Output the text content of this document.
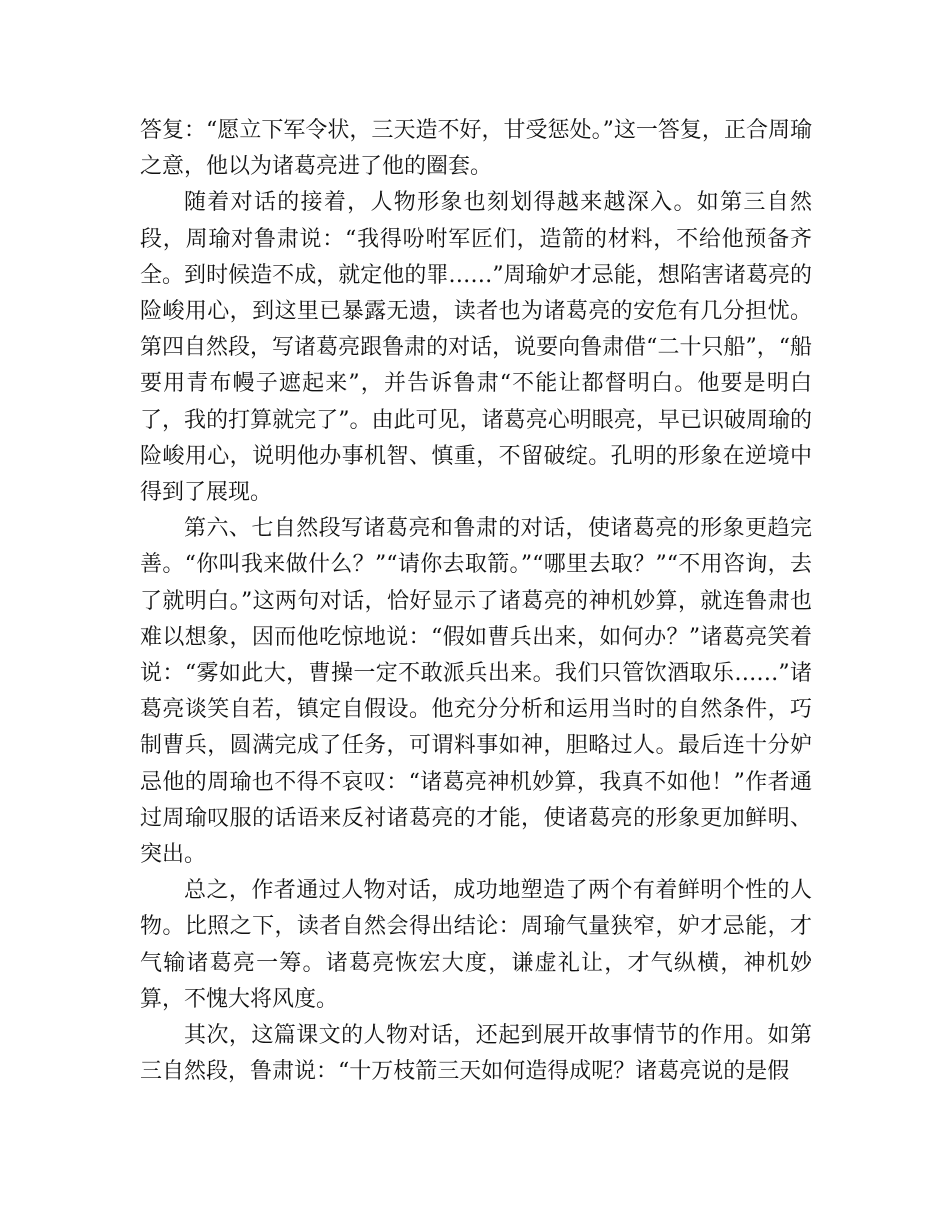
答复：“愿立下军令状，三天造不好，甘受惩处。”这一答复，正合周瑜之意，他以为诸葛亮进了他的圈套。

随着对话的接着，人物形象也刻划得越来越深入。如第三自然段，周瑜对鲁肃说：“我得吩咐军匠们，造箭的材料，不给他预备齐全。到时候造不成，就定他的罪……”周瑜妒才忌能，想陷害诸葛亮的险峻用心，到这里已暴露无遗，读者也为诸葛亮的安危有几分担忧。第四自然段，写诸葛亮跟鲁肃的对话，说要向鲁肃借“二十只船”，“船要用青布幔子遮起来”，并告诉鲁肃“不能让都督明白。他要是明白了，我的打算就完了”。由此可见，诸葛亮心明眼亮，早已识破周瑜的险峻用心，说明他办事机智、慎重，不留破绽。孔明的形象在逆境中得到了展现。

第六、七自然段写诸葛亮和鲁肃的对话，使诸葛亮的形象更趋完善。“你叫我来做什么？”“请你去取箭。”“哪里去取？”“不用咨询，去了就明白。”这两句对话，恰好显示了诸葛亮的神机妙算，就连鲁肃也难以想象，因而他吃惊地说：“假如曹兵出来，如何办？”诸葛亮笑着说：“雾如此大，曹操一定不敢派兵出来。我们只管饮酒取乐……”诸葛亮谈笑自若，镇定自假设。他充分分析和运用当时的自然条件，巧制曹兵，圆满完成了任务，可谓料事如神，胆略过人。最后连十分妒忌他的周瑜也不得不哀叹：“诸葛亮神机妙算，我真不如他！”作者通过周瑜叹服的话语来反衬诸葛亮的才能，使诸葛亮的形象更加鲜明、突出。

总之，作者通过人物对话，成功地塑造了两个有着鲜明个性的人物。比照之下，读者自然会得出结论：周瑜气量狭窄，妒才忌能，才气输诸葛亮一筹。诸葛亮恢宏大度，谦虚礼让，才气纵横，神机妙算，不愧大将风度。

其次，这篇课文的人物对话，还起到展开故事情节的作用。如第三自然段，鲁肃说：“十万枝箭三天如何造得成呢？诸葛亮说的是假
